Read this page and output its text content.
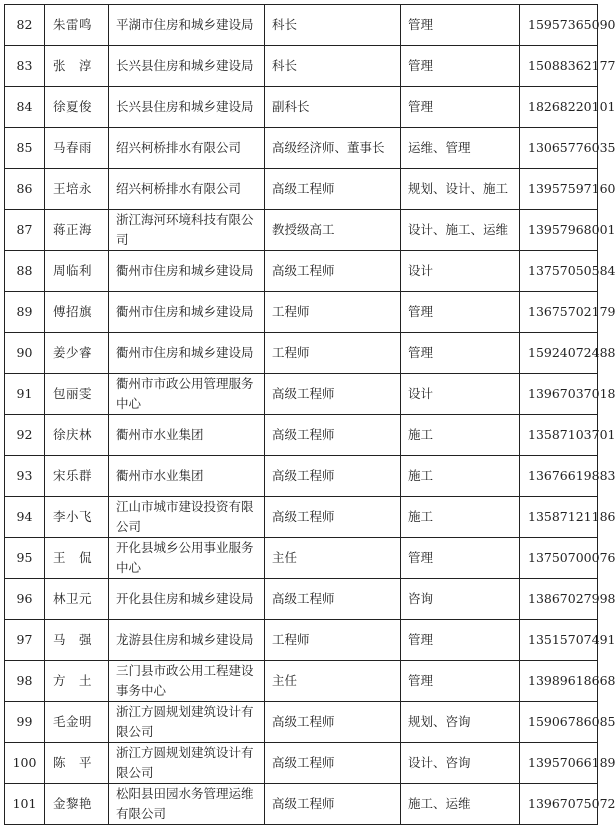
82	朱雷鸣	平湖市住房和城乡建设局	科长	管理	15957365090
83	张　淳	长兴县住房和城乡建设局	科长	管理	15088362177
84	徐夏俊	长兴县住房和城乡建设局	副科长	管理	18268220101
85	马春雨	绍兴柯桥排水有限公司	高级经济师、董事长	运维、管理	13065776035
86	王培永	绍兴柯桥排水有限公司	高级工程师	规划、设计、施工	13957597160
87	蒋正海	浙江海河环境科技有限公司	教授级高工	设计、施工、运维	13957968001
88	周临利	衢州市住房和城乡建设局	高级工程师	设计	13757050584
89	傅招旗	衢州市住房和城乡建设局	工程师	管理	13675702179
90	姜少睿	衢州市住房和城乡建设局	工程师	管理	15924072488
91	包丽雯	衢州市市政公用管理服务中心	高级工程师	设计	13967037018
92	徐庆林	衢州市水业集团	高级工程师	施工	13587103701
93	宋乐群	衢州市水业集团	高级工程师	施工	13676619883
94	李小飞	江山市城市建设投资有限公司	高级工程师	施工	13587121186
95	王　侃	开化县城乡公用事业服务中心	主任	管理	13750700076
96	林卫元	开化县住房和城乡建设局	高级工程师	咨询	13867027998
97	马　强	龙游县住房和城乡建设局	工程师	管理	13515707491
98	方　土	三门县市政公用工程建设事务中心	主任	管理	13989618668
99	毛金明	浙江方圆规划建筑设计有限公司	高级工程师	规划、咨询	15906786085
100	陈　平	浙江方圆规划建筑设计有限公司	高级工程师	设计、咨询	13957066189
101	金黎艳	松阳县田园水务管理运维有限公司	高级工程师	施工、运维	13967075072
